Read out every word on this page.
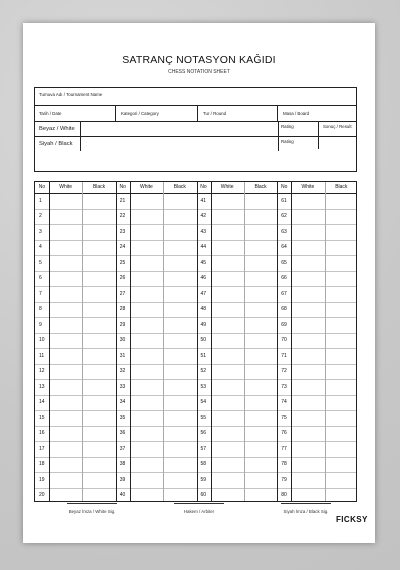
SATRANÇ NOTASYON KAĞIDI
CHESS NOTATION SHEET
Turnuva Adı / Tournament Name
Tarih / Date	Kategori / Category	Tur / Round	Masa / Board
Beyaz / White	Rating
Siyah / Black	Rating
Sonuç / Result
No	White	Black
1
2
3
4
5
6
7
8
9
10
11
12
13
14
15
16
17
18
19
20
No	White	Black
21
22
23
24
25
26
27
28
29
30
31
32
33
34
35
36
37
38
39
40
No	White	Black
41
42
43
44
45
46
47
48
49
50
51
52
53
54
55
56
57
58
59
60
No	White	Black
61
62
63
64
65
66
67
68
69
70
71
72
73
74
75
76
77
78
79
80
Beyaz İmza / White Sig.	Hakem / Arbiter	Siyah İmza / Black Sig.
FICKSY
